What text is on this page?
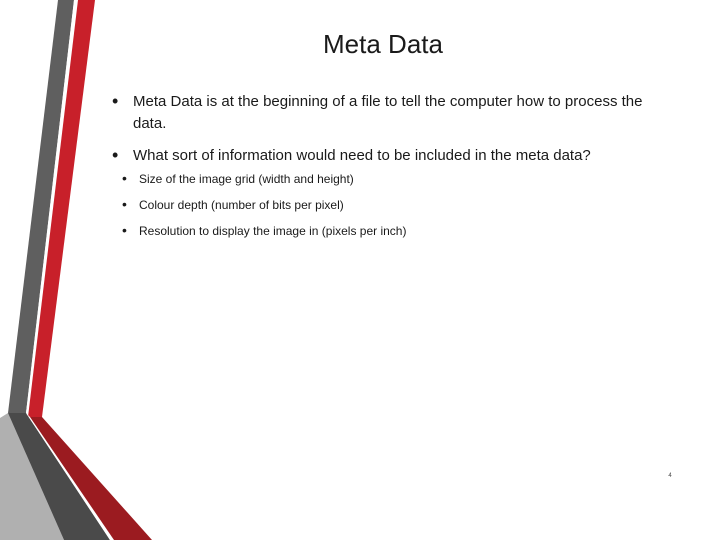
Meta Data
• Meta Data is at the beginning of a file to tell the computer how to process the data.
• What sort of information would need to be included in the meta data?
• Size of the image grid (width and height)
• Colour depth (number of bits per pixel)
• Resolution to display the image in (pixels per inch)
4
